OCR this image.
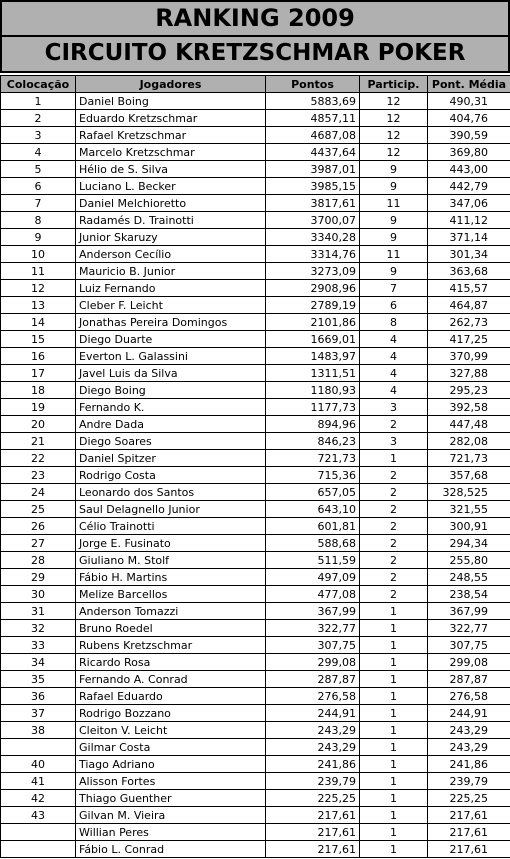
RANKING 2009
CIRCUITO KRETZSCHMAR POKER
Colocação	Jogadores	Pontos	Particip.	Pont. Média
1	Daniel Boing	5883,69	12	490,31
2	Eduardo Kretzschmar	4857,11	12	404,76
3	Rafael Kretzschmar	4687,08	12	390,59
4	Marcelo Kretzschmar	4437,64	12	369,80
5	Hélio de S. Silva	3987,01	9	443,00
6	Luciano L. Becker	3985,15	9	442,79
7	Daniel Melchioretto	3817,61	11	347,06
8	Radamés D. Trainotti	3700,07	9	411,12
9	Junior Skaruzy	3340,28	9	371,14
10	Anderson Cecílio	3314,76	11	301,34
11	Mauricio B. Junior	3273,09	9	363,68
12	Luiz Fernando	2908,96	7	415,57
13	Cleber F. Leicht	2789,19	6	464,87
14	Jonathas Pereira Domingos	2101,86	8	262,73
15	Diego Duarte	1669,01	4	417,25
16	Everton L. Galassini	1483,97	4	370,99
17	Javel Luis da Silva	1311,51	4	327,88
18	Diego Boing	1180,93	4	295,23
19	Fernando K.	1177,73	3	392,58
20	Andre Dada	894,96	2	447,48
21	Diego Soares	846,23	3	282,08
22	Daniel Spitzer	721,73	1	721,73
23	Rodrigo Costa	715,36	2	357,68
24	Leonardo dos Santos	657,05	2	328,525
25	Saul Delagnello Junior	643,10	2	321,55
26	Célio Trainotti	601,81	2	300,91
27	Jorge E. Fusinato	588,68	2	294,34
28	Giuliano M. Stolf	511,59	2	255,80
29	Fábio H. Martins	497,09	2	248,55
30	Melize Barcellos	477,08	2	238,54
31	Anderson Tomazzi	367,99	1	367,99
32	Bruno Roedel	322,77	1	322,77
33	Rubens Kretzschmar	307,75	1	307,75
34	Ricardo Rosa	299,08	1	299,08
35	Fernando A. Conrad	287,87	1	287,87
36	Rafael Eduardo	276,58	1	276,58
37	Rodrigo Bozzano	244,91	1	244,91
38	Cleiton V. Leicht	243,29	1	243,29
	Gilmar Costa	243,29	1	243,29
40	Tiago Adriano	241,86	1	241,86
41	Alisson Fortes	239,79	1	239,79
42	Thiago Guenther	225,25	1	225,25
43	Gilvan M. Vieira	217,61	1	217,61
	Willian Peres	217,61	1	217,61
	Fábio L. Conrad	217,61	1	217,61
